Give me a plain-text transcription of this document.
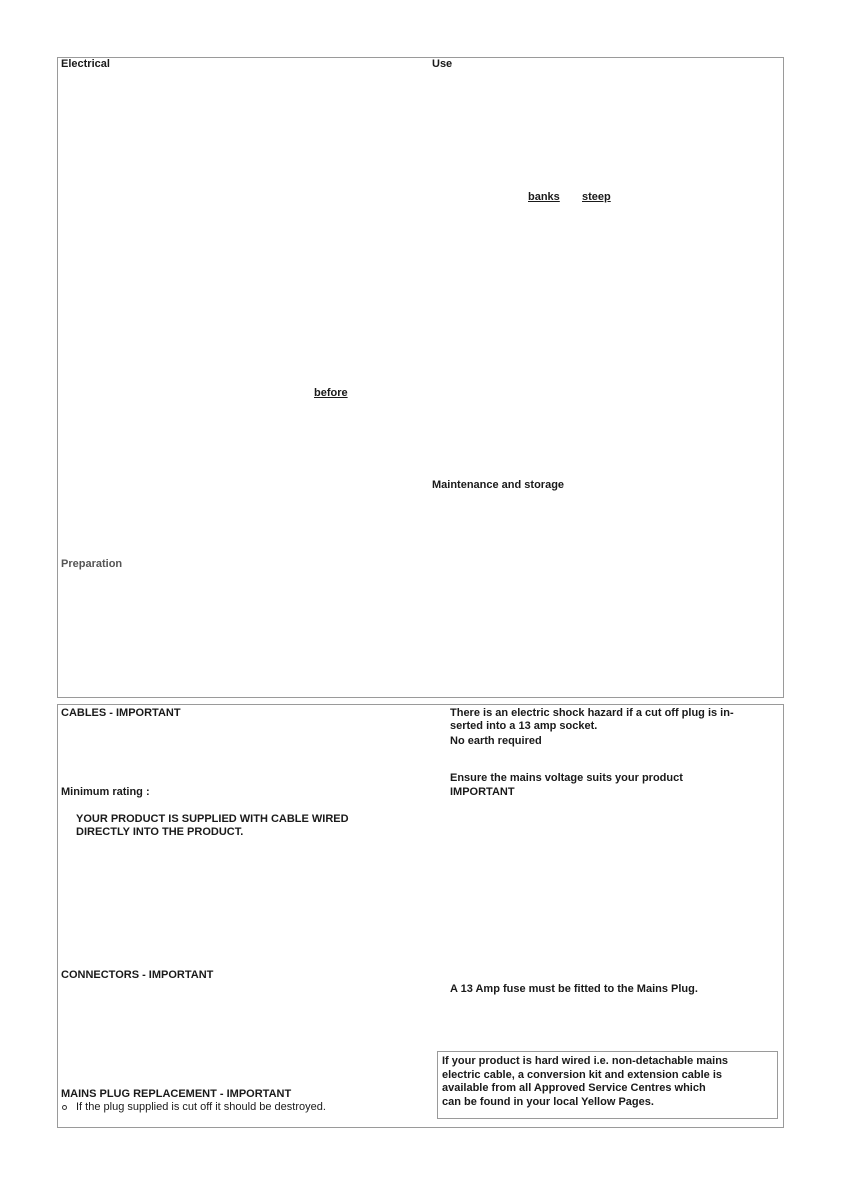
Electrical
before
Preparation
Use
banks steep
Maintenance and storage
CABLES - IMPORTANT
Minimum rating :
YOUR PRODUCT IS SUPPLIED WITH CABLE WIRED
DIRECTLY INTO THE PRODUCT.
CONNECTORS - IMPORTANT
MAINS PLUG REPLACEMENT - IMPORTANT
If the plug supplied is cut off it should be destroyed.
There is an electric shock hazard if a cut off plug is in-
serted into a 13 amp socket.
No earth required
Ensure the mains voltage suits your product
IMPORTANT
A 13 Amp fuse must be fitted to the Mains Plug.
If your product is hard wired i.e. non-detachable mains
electric cable, a conversion kit and extension cable is
available from all Approved Service Centres which
can be found in your local Yellow Pages.
